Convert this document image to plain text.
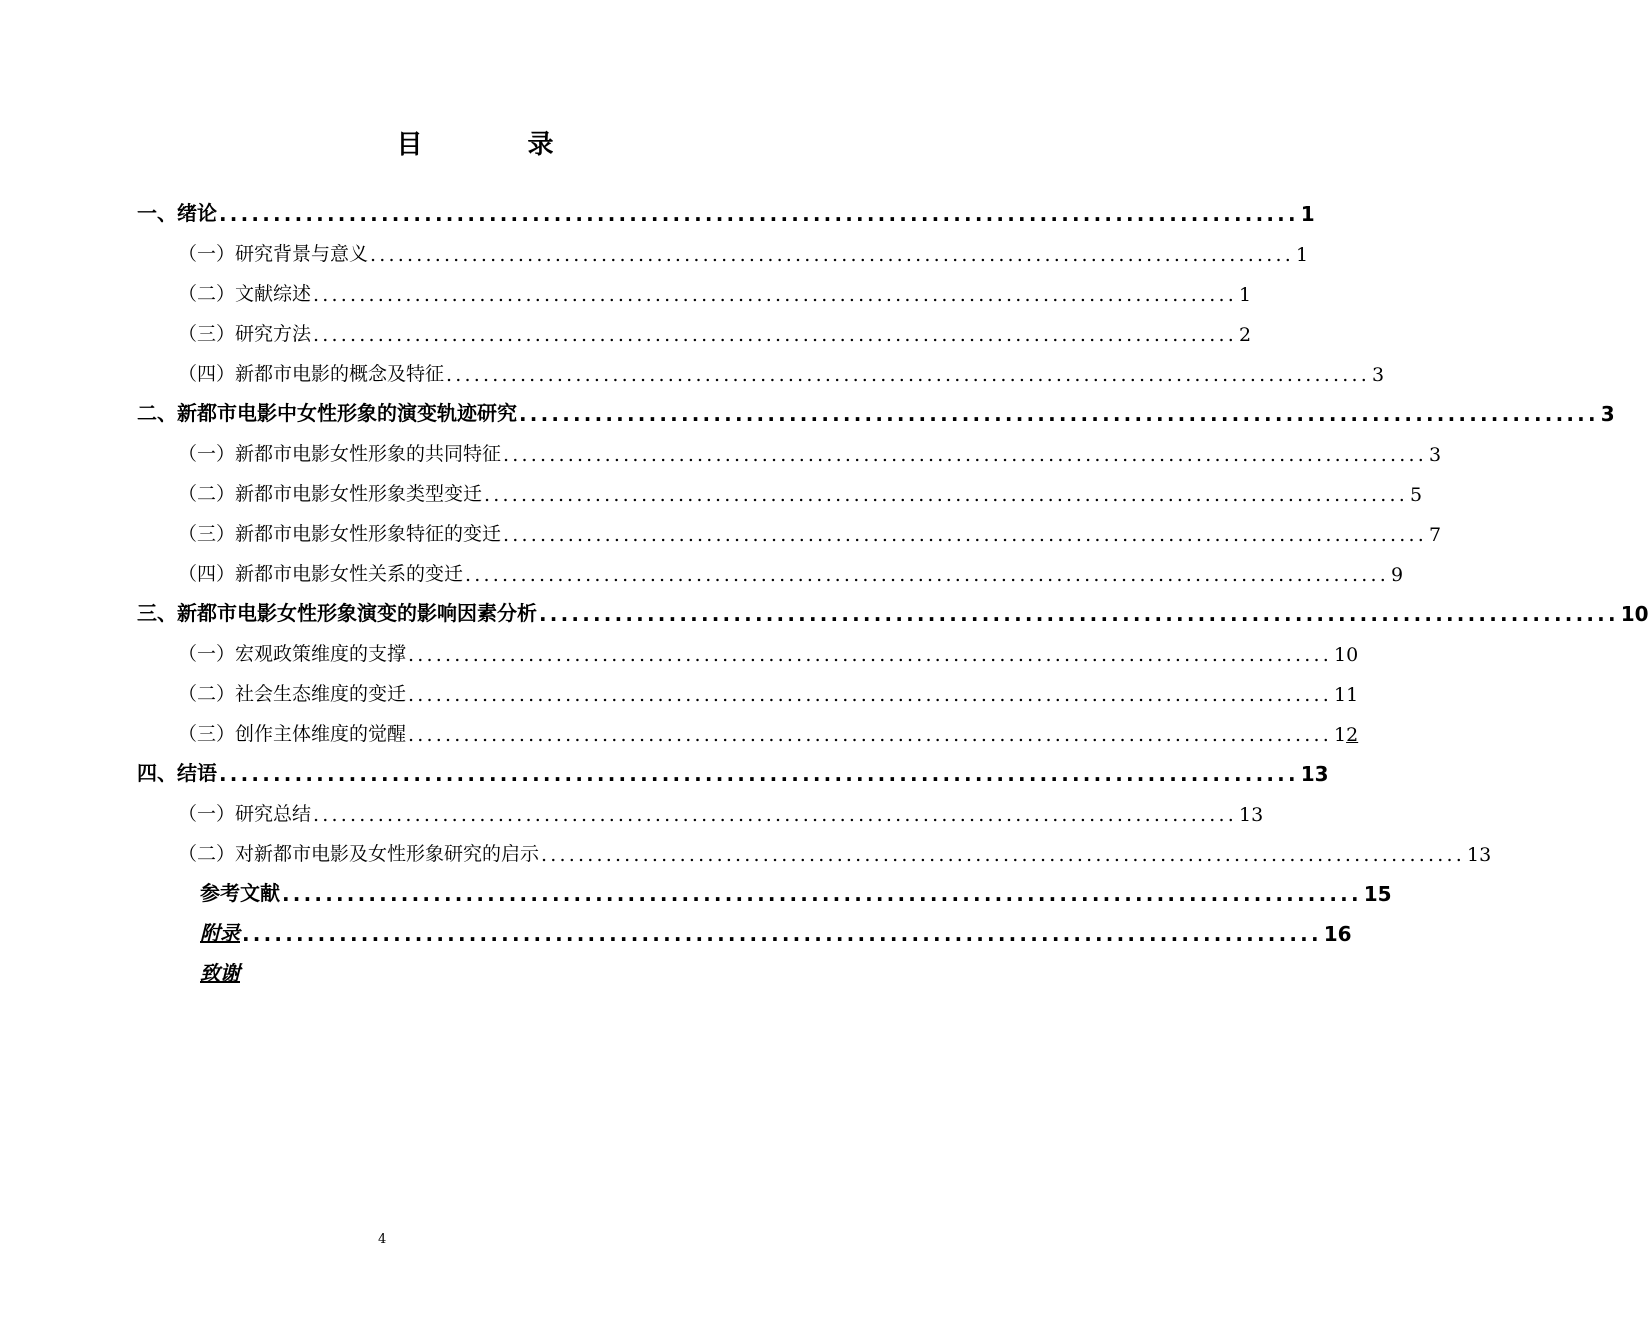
目 录
一、 绪论 .................................................................................................... 1
（一） 研究背景与意义 .................................................................................................... 1
（二） 文献综述 .................................................................................................... 1
（三） 研究方法 .................................................................................................... 2
（四） 新都市电影的概念及特征 .................................................................................................... 3
二、 新都市电影中女性形象的演变轨迹研究 .................................................................................................... 3
（一） 新都市电影女性形象的共同特征 .................................................................................................... 3
（二） 新都市电影女性形象类型变迁 .................................................................................................... 5
（三） 新都市电影女性形象特征的变迁 .................................................................................................... 7
（四） 新都市电影女性关系的变迁 .................................................................................................... 9
三、 新都市电影女性形象演变的影响因素分析 .................................................................................................... 10
（一） 宏观政策维度的支撑 .................................................................................................... 10
（二） 社会生态维度的变迁 .................................................................................................... 11
（三） 创作主体维度的觉醒 .................................................................................................... 12
四、 结语 .................................................................................................... 13
（一） 研究总结 .................................................................................................... 13
（二） 对新都市电影及女性形象研究的启示 .................................................................................................... 13
参考文献 .................................................................................................... 15
附录 .................................................................................................... 16
致谢
4
